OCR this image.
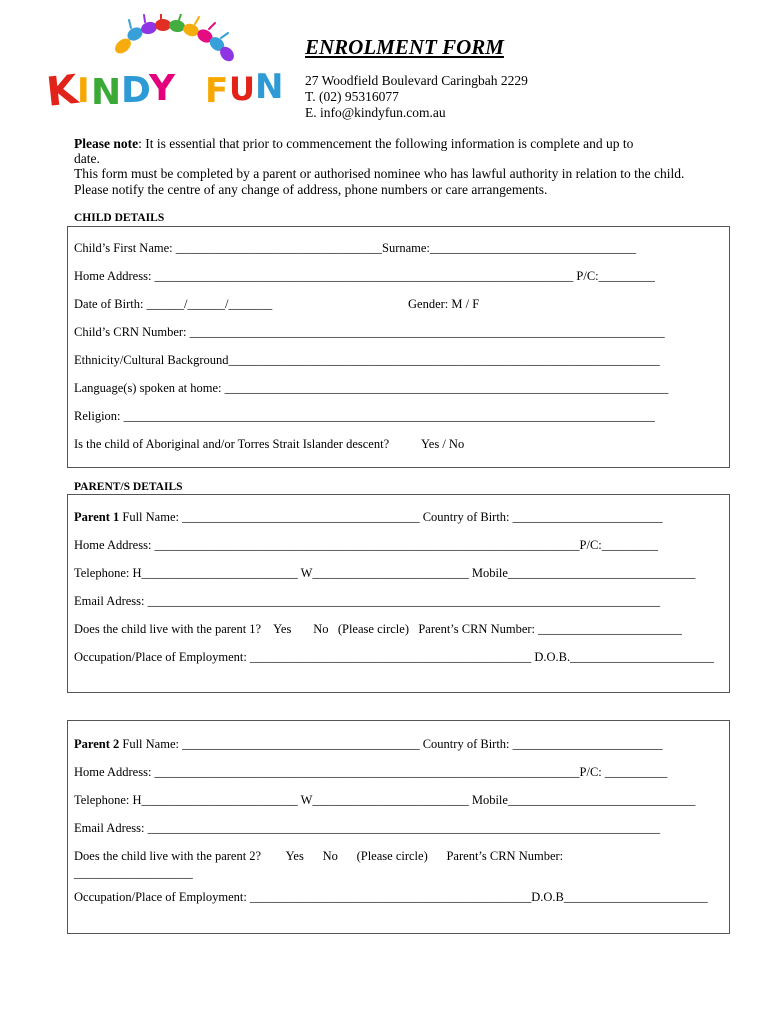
K
I N
D
Y F U N
ENROLMENT FORM
27 Woodfield Boulevard Caringbah 2229
T. (02) 95316077
E. info@kindyfun.com.au
Please note: It is essential that prior to commencement the following information is complete and up to
date.
This form must be completed by a parent or authorised nominee who has lawful authority in relation to the child.
Please notify the centre of any change of address, phone numbers or care arrangements.
CHILD DETAILS
Child’s First Name: _________________________________Surname:_________________________________
Home Address: ___________________________________________________________________ P/C:_________
Date of Birth: ______/______/_______	Gender: M / F
Child’s CRN Number: ____________________________________________________________________________
Ethnicity/Cultural Background_____________________________________________________________________
Language(s) spoken at home: _______________________________________________________________________
Religion: _____________________________________________________________________________________
Is the child of Aboriginal and/or Torres Strait Islander descent?	Yes / No
PARENT/S DETAILS
Parent 1 Full Name: ______________________________________ Country of Birth: ________________________
Home Address: ____________________________________________________________________P/C:_________
Telephone: H_________________________ W_________________________ Mobile______________________________
Email Adress: __________________________________________________________________________________
Does the child live with the parent 1?    Yes       No   (Please circle)   Parent’s CRN Number: _______________________
Occupation/Place of Employment: _____________________________________________ D.O.B._______________________
Parent 2 Full Name: ______________________________________ Country of Birth: ________________________
Home Address: ____________________________________________________________________P/C: __________
Telephone: H_________________________ W_________________________ Mobile______________________________
Email Adress: __________________________________________________________________________________
Does the child live with the parent 2?        Yes      No      (Please circle)      Parent’s CRN Number:
___________________
Occupation/Place of Employment: _____________________________________________D.O.B_______________________
